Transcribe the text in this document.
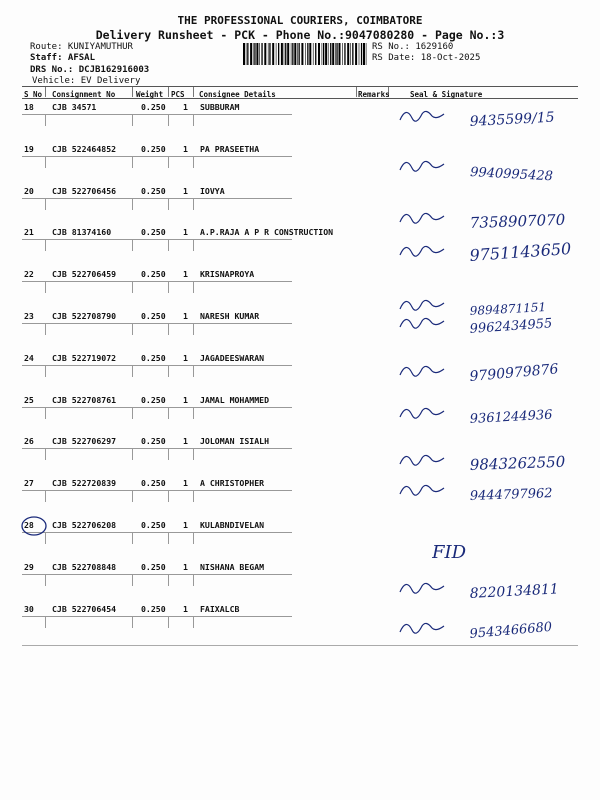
THE PROFESSIONAL COURIERS, COIMBATORE
Delivery Runsheet - PCK - Phone No.:9047080280 - Page No.:3
Route: KUNIYAMUTHUR
Staff: AFSAL
DRS No.: DCJB162916003
Vehicle: EV Delivery
RS No.: 1629160
RS Date: 18-Oct-2025
S No Consignment No	Weight PCS Consignee Details	Remarks	Seal & Signature
18 CJB 34571	0.250 1 SUBBURAM
9435599/15
19 CJB 522464852	0.250 1 PA PRASEETHA
9940995428
20 CJB 522706456	0.250 1 IOVYA
7358907070
21 CJB 81374160	0.250 1 A.P.RAJA A P R CONSTRUCTION
9751143650
22 CJB 522706459	0.250 1 KRISNAPROYA
9894871151
23 CJB 522708790	0.250 1 NARESH KUMAR
9962434955
24 CJB 522719072	0.250 1 JAGADEESWARAN
9790979876
25 CJB 522708761	0.250 1 JAMAL MOHAMMED
9361244936
26 CJB 522706297	0.250 1 JOLOMAN ISIALH
9843262550
27 CJB 522720839	0.250 1 A CHRISTOPHER
9444797962
28 CJB 522706208	0.250 1 KULABNDIVELAN
FID
29 CJB 522708848	0.250 1 NISHANA BEGAM
8220134811
30 CJB 522706454	0.250 1 FAIXALCB
9543466680
